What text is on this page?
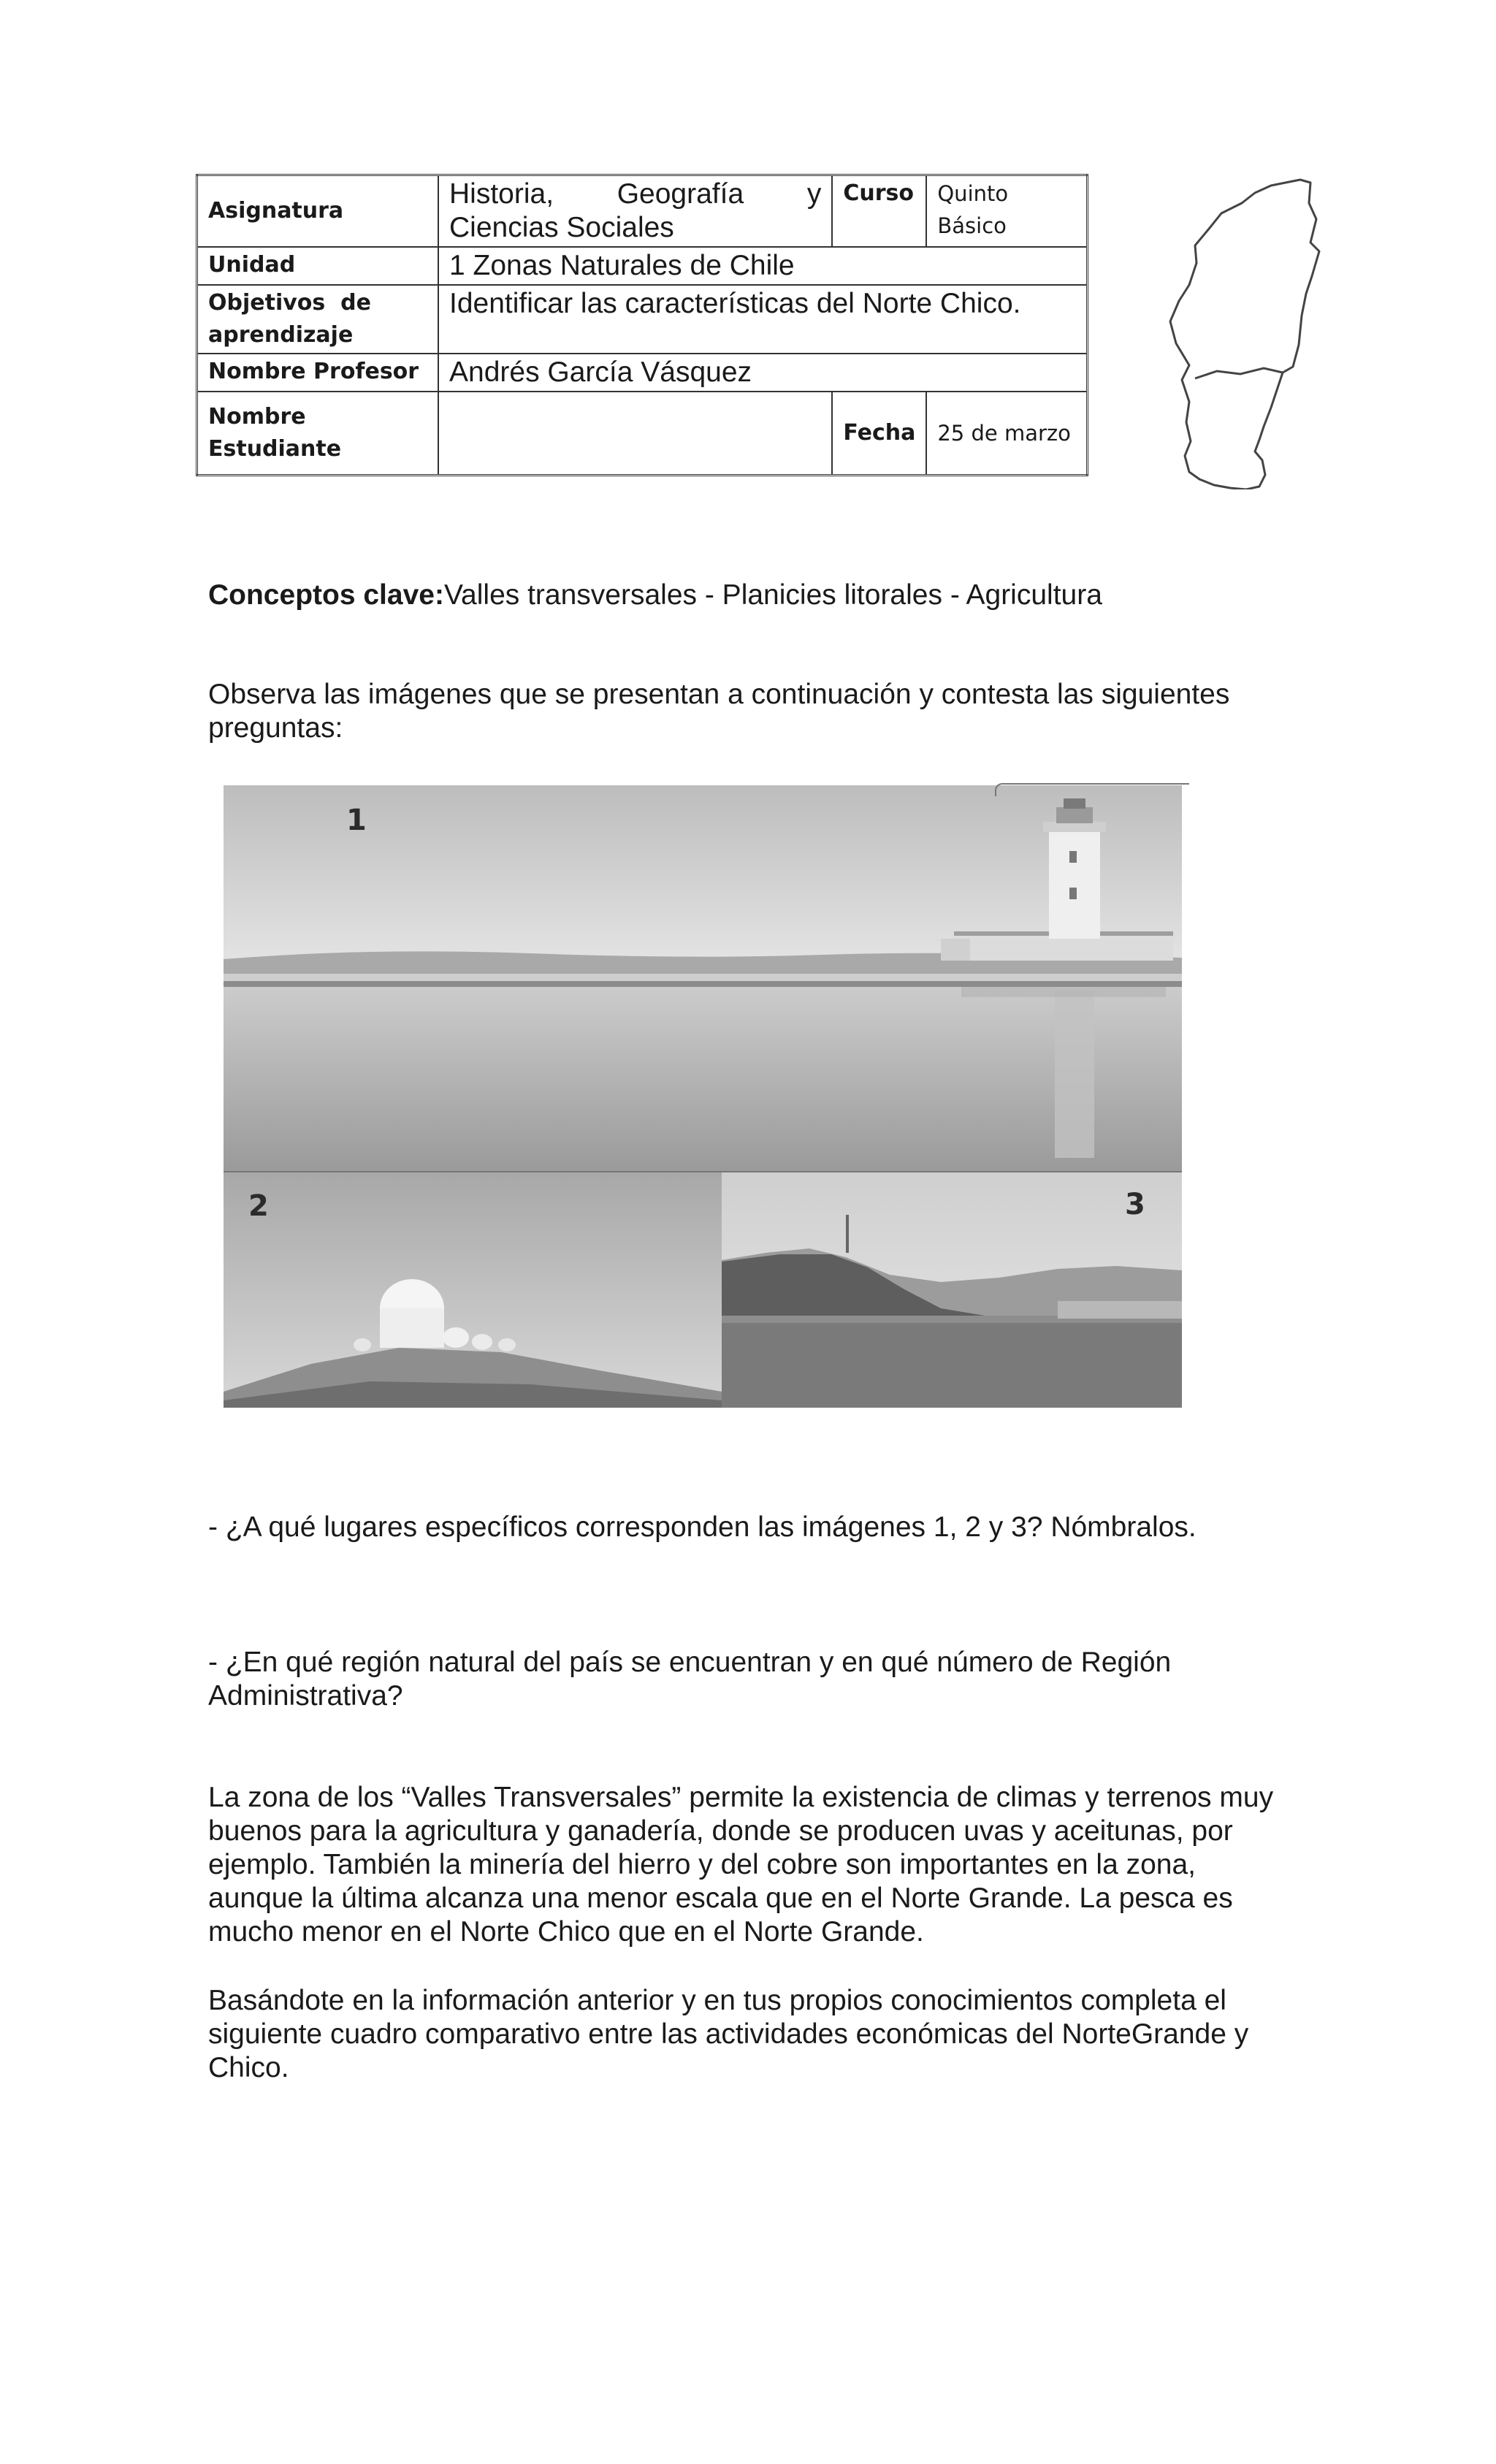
Asignatura	Historia,        Geografía        y
Ciencias Sociales	Curso	Quinto Básico
Unidad	1 Zonas Naturales de Chile		

Objetivos  de
aprendizaje	Identificar las características del Norte Chico.		
Nombre Profesor	Andrés García Vásquez		

Nombre
Estudiante		Fecha	25 de marzo
Conceptos clave:Valles transversales - Planicies litorales - Agricultura
Observa las imágenes que se presentan a continuación y contesta las siguientes preguntas:
1
2	3
- ¿A qué lugares específicos corresponden las imágenes 1, 2 y 3? Nómbralos.
- ¿En qué región natural del país se encuentran y en qué número de Región Administrativa?
La zona de los “Valles Transversales” permite la existencia de climas y terrenos muy buenos para la agricultura y ganadería, donde se producen uvas y aceitunas, por ejemplo. También la minería del hierro y del cobre son importantes en la zona, aunque la última alcanza una menor escala que en el Norte Grande. La pesca es mucho menor en el Norte Chico que en el Norte Grande.
Basándote en la información anterior y en tus propios conocimientos completa el siguiente cuadro comparativo entre las actividades económicas del NorteGrande y Chico.
